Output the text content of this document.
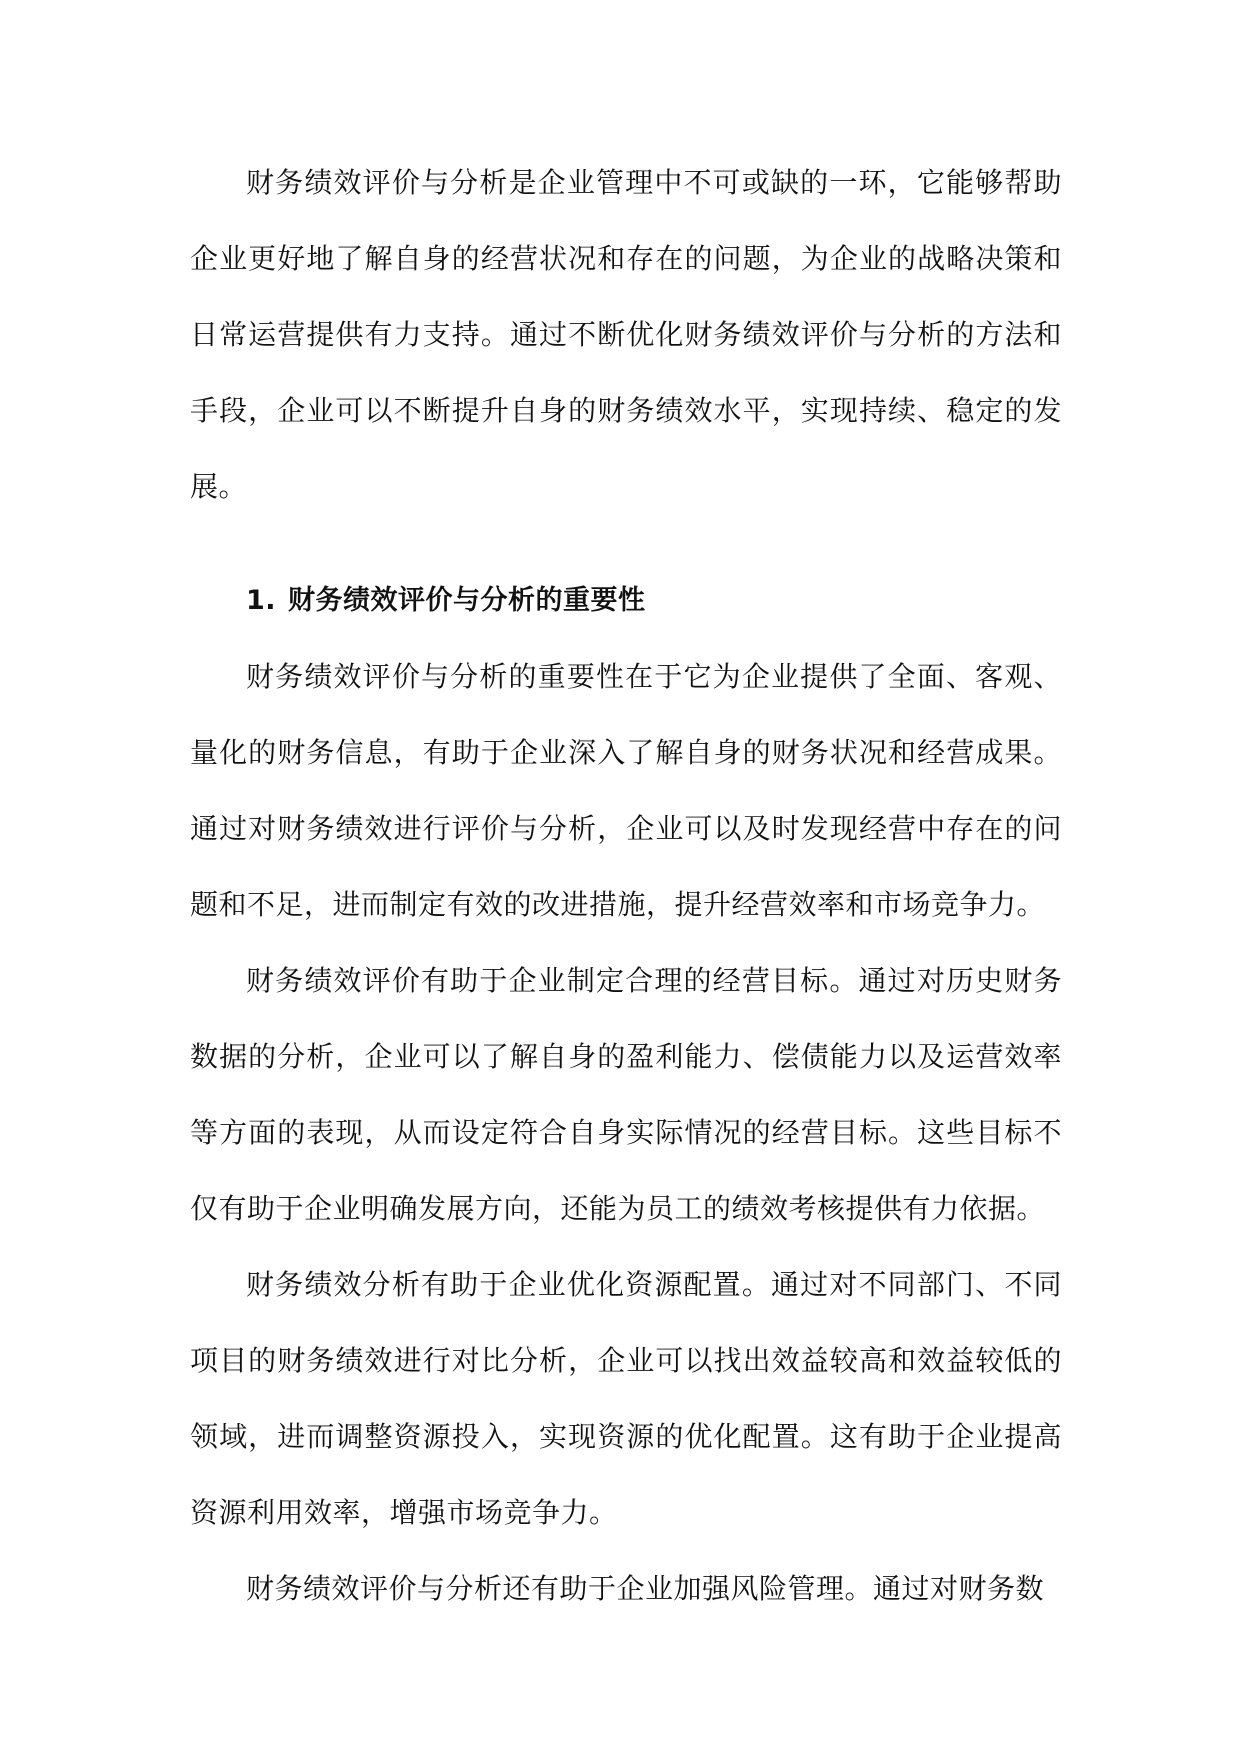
财务绩效评价与分析是企业管理中不可或缺的一环，它能够帮助企业更好地了解自身的经营状况和存在的问题，为企业的战略决策和日常运营提供有力支持。通过不断优化财务绩效评价与分析的方法和手段，企业可以不断提升自身的财务绩效水平，实现持续、稳定的发展。

1. 财务绩效评价与分析的重要性

财务绩效评价与分析的重要性在于它为企业提供了全面、客观、量化的财务信息，有助于企业深入了解自身的财务状况和经营成果。通过对财务绩效进行评价与分析，企业可以及时发现经营中存在的问题和不足，进而制定有效的改进措施，提升经营效率和市场竞争力。

财务绩效评价有助于企业制定合理的经营目标。通过对历史财务数据的分析，企业可以了解自身的盈利能力、偿债能力以及运营效率等方面的表现，从而设定符合自身实际情况的经营目标。这些目标不仅有助于企业明确发展方向，还能为员工的绩效考核提供有力依据。

财务绩效分析有助于企业优化资源配置。通过对不同部门、不同项目的财务绩效进行对比分析，企业可以找出效益较高和效益较低的领域，进而调整资源投入，实现资源的优化配置。这有助于企业提高资源利用效率，增强市场竞争力。

财务绩效评价与分析还有助于企业加强风险管理。通过对财务数
